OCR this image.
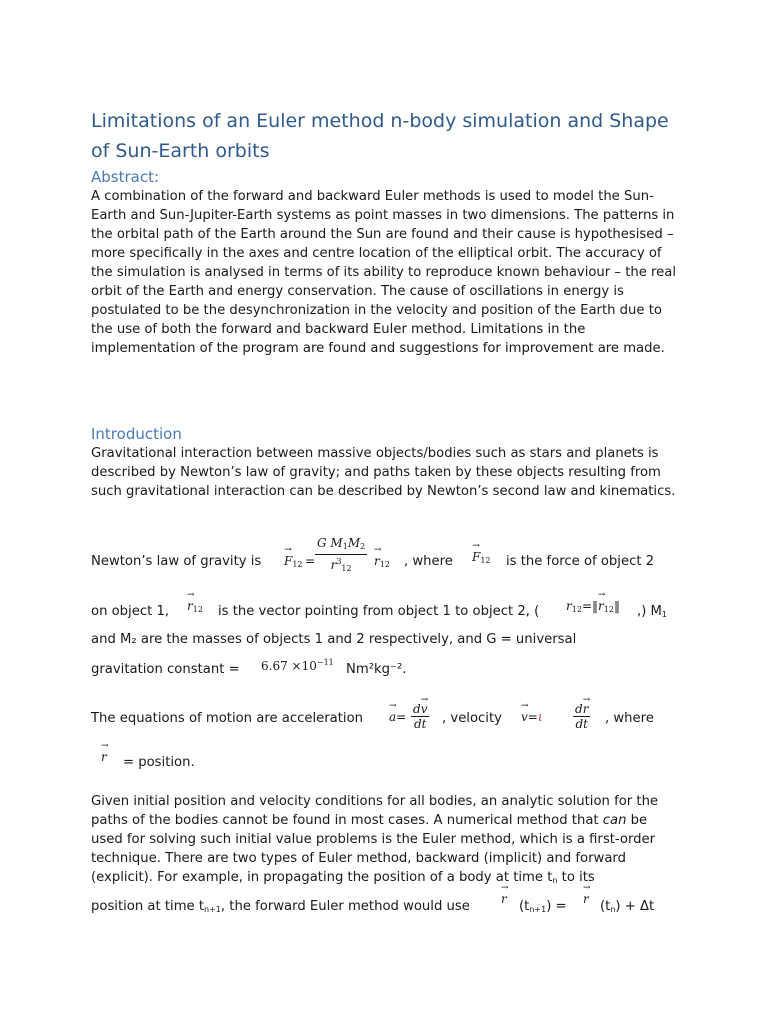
Limitations of an Euler method n-body simulation and Shape of Sun-Earth orbits
Abstract:

A combination of the forward and backward Euler methods is used to model the Sun-Earth and Sun-Jupiter-Earth systems as point masses in two dimensions. The patterns in the orbital path of the Earth around the Sun are found and their cause is hypothesised – more specifically in the axes and centre location of the elliptical orbit. The accuracy of the simulation is analysed in terms of its ability to reproduce known behaviour – the real orbit of the Earth and energy conservation. The cause of oscillations in energy is postulated to be the desynchronization in the velocity and position of the Earth due to the use of both the forward and backward Euler method. Limitations in the implementation of the program are found and suggestions for improvement are made.

Introduction

Gravitational interaction between massive objects/bodies such as stars and planets is described by Newton’s law of gravity; and paths taken by these objects resulting from such gravitational interaction can be described by Newton’s second law and kinematics.

Newton’s law of gravity is
→ $F_{12} = \frac{G M_1M_2}{r^3_{12}}$
→ $r_{12}$ , where
→ $F_{12}$ is the force of object 2
on object 1,
→ $r_{12}$ is the vector pointing from object 1 to object 2, ( $r_{12}=‖\to$ $r_{12}‖$ ,) $M_1$
and M₂ are the masses of objects 1 and 2 respectively, and G = universal
gravitation constant = $6.67 \times 10^{-11}$ Nm²kg⁻².
The equations of motion are acceleration
→ $a= \frac{d\to v}{dt}$ , velocity
→ v=ι	$\frac{d\to r}{dt}$ , where
→ r = position.

Given initial position and velocity conditions for all bodies, an analytic solution for the paths of the bodies cannot be found in most cases. A numerical method that can be used for solving such initial value problems is the Euler method, which is a first-order technique. There are two types of Euler method, backward (implicit) and forward (explicit). For example, in propagating the position of a body at time $t_n$ to its

position at time $t_{n+1}$, the forward Euler method would use
→	r $(t_{n+1})$ =
→ r $(t_n) + \Delta t$
